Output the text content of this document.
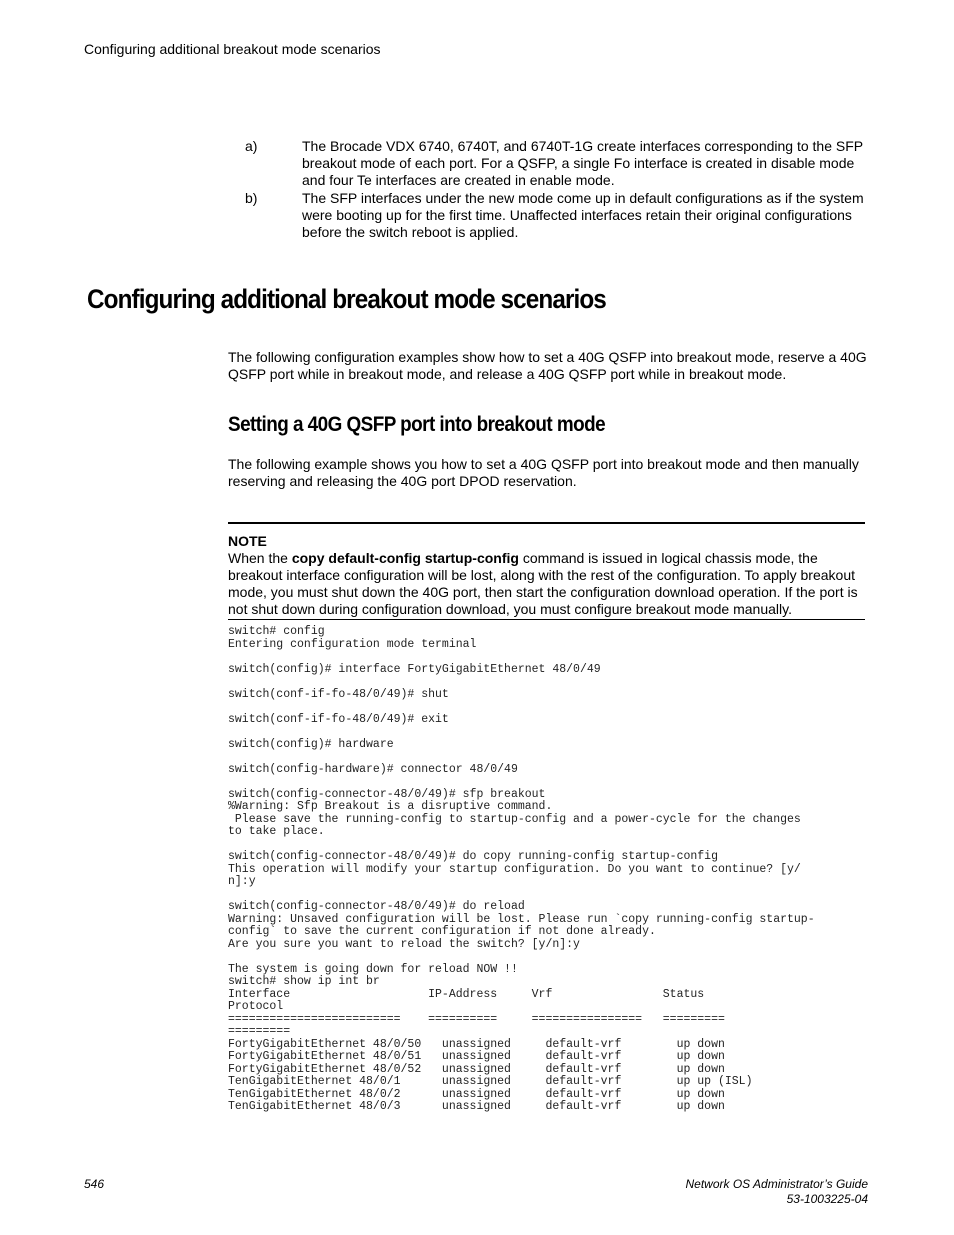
Configuring additional breakout mode scenarios
a)	The Brocade VDX 6740, 6740T, and 6740T-1G create interfaces corresponding to the SFP breakout mode of each port. For a QSFP, a single Fo interface is created in disable mode and four Te interfaces are created in enable mode.
b)	The SFP interfaces under the new mode come up in default configurations as if the system were booting up for the first time. Unaffected interfaces retain their original configurations before the switch reboot is applied.
Configuring additional breakout mode scenarios

The following configuration examples show how to set a 40G QSFP into breakout mode, reserve a 40G QSFP port while in breakout mode, and release a 40G QSFP port while in breakout mode.

Setting a 40G QSFP port into breakout mode

The following example shows you how to set a 40G QSFP port into breakout mode and then manually reserving and releasing the 40G port DPOD reservation.

NOTE
When the copy default-config startup-config command is issued in logical chassis mode, the breakout interface configuration will be lost, along with the rest of the configuration. To apply breakout mode, you must shut down the 40G port, then start the configuration download operation. If the port is not shut down during configuration download, you must configure breakout mode manually.
switch# config
Entering configuration mode terminal

switch(config)# interface FortyGigabitEthernet 48/0/49

switch(conf-if-fo-48/0/49)# shut

switch(conf-if-fo-48/0/49)# exit

switch(config)# hardware

switch(config-hardware)# connector 48/0/49

switch(config-connector-48/0/49)# sfp breakout
%Warning: Sfp Breakout is a disruptive command.
Please save the running-config to startup-config and a power-cycle for the changes
to take place.

switch(config-connector-48/0/49)# do copy running-config startup-config
This operation will modify your startup configuration. Do you want to continue? [y/
n]:y

switch(config-connector-48/0/49)# do reload
Warning: Unsaved configuration will be lost. Please run `copy running-config startup-
config` to save the current configuration if not done already.
Are you sure you want to reload the switch? [y/n]:y

The system is going down for reload NOW !!
switch# show ip int br
Interface                    IP-Address     Vrf                Status
Protocol
=========================    ==========     ================   =========
=========
FortyGigabitEthernet 48/0/50   unassigned     default-vrf        up down
FortyGigabitEthernet 48/0/51   unassigned     default-vrf        up down
FortyGigabitEthernet 48/0/52   unassigned     default-vrf        up down
TenGigabitEthernet 48/0/1      unassigned     default-vrf        up up (ISL)
TenGigabitEthernet 48/0/2      unassigned     default-vrf        up down
TenGigabitEthernet 48/0/3      unassigned     default-vrf        up down
546	Network OS Administrator’s Guide
53-1003225-04
